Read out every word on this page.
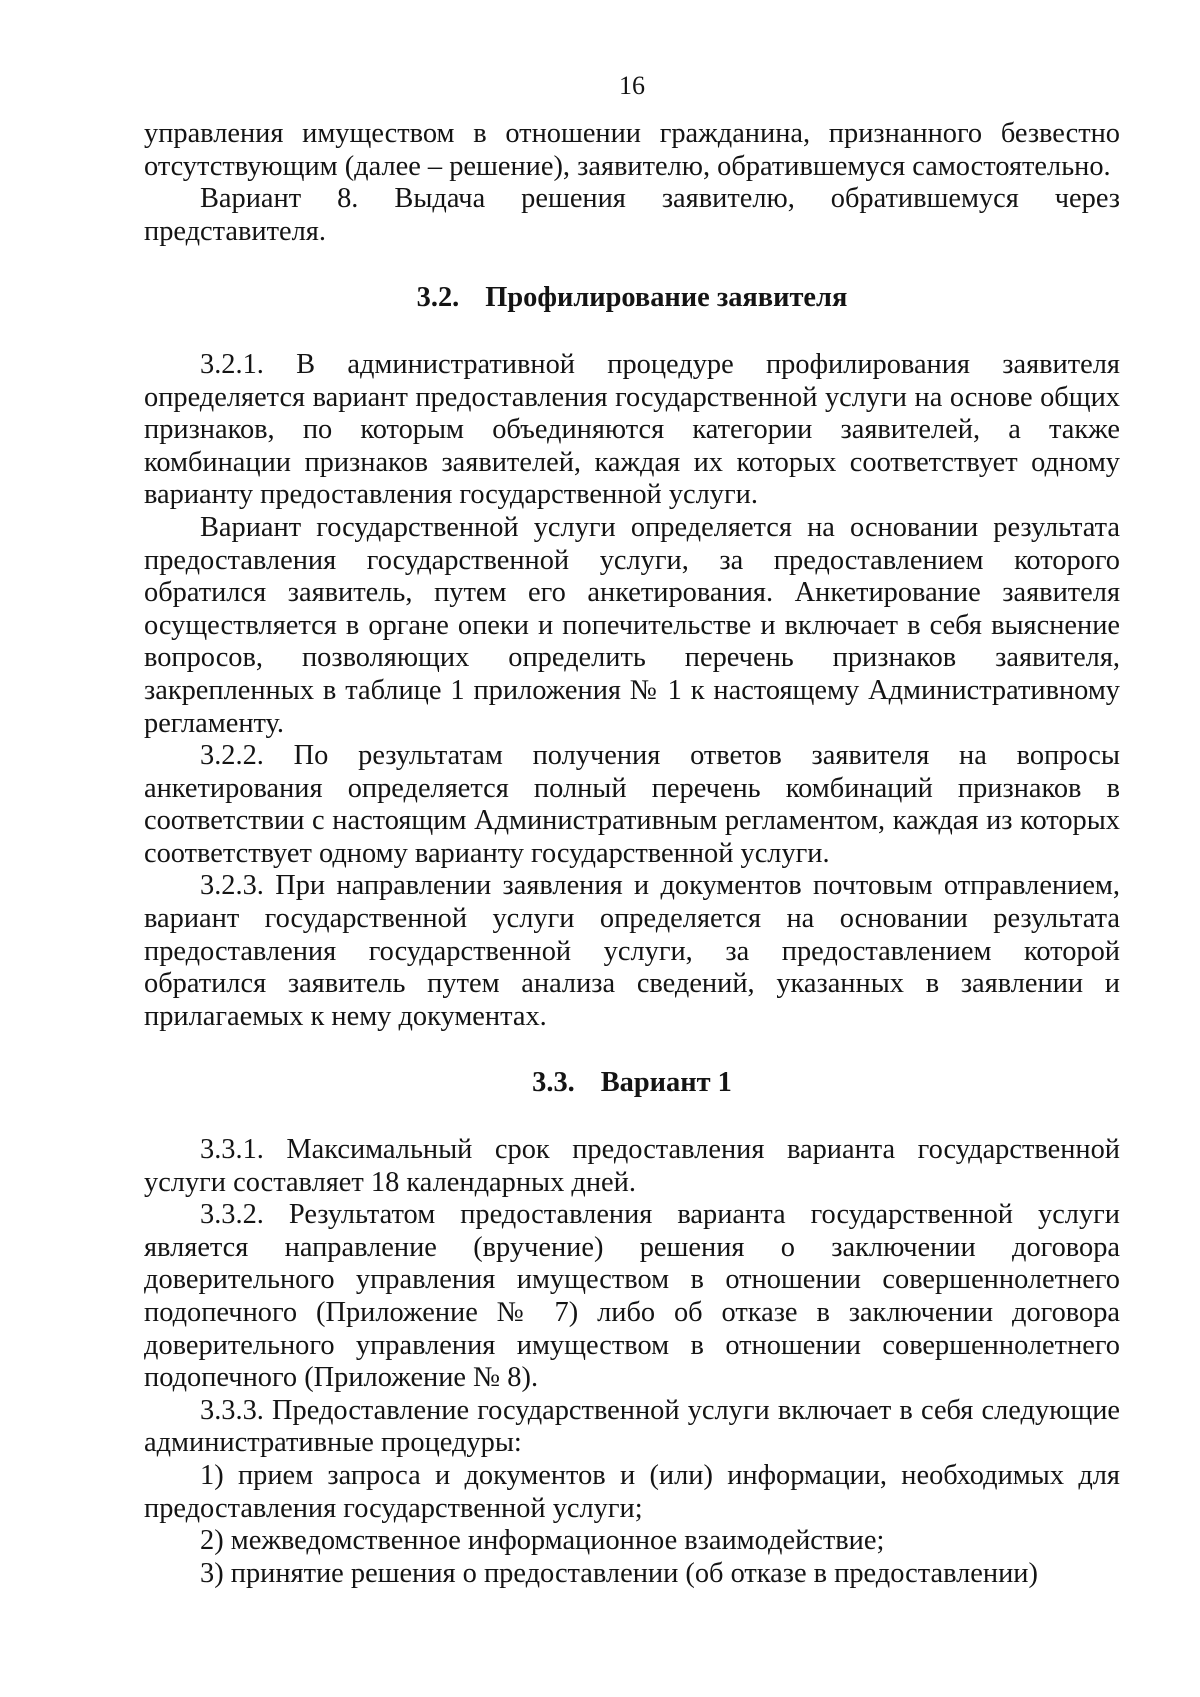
16

управления имуществом в отношении гражданина, признанного безвестно отсутствующим (далее – решение), заявителю, обратившемуся самостоятельно.

Вариант 8. Выдача решения заявителю, обратившемуся через представителя.

3.2. Профилирование заявителя

3.2.1. В административной процедуре профилирования заявителя определяется вариант предоставления государственной услуги на основе общих признаков, по которым объединяются категории заявителей, а также комбинации признаков заявителей, каждая их которых соответствует одному варианту предоставления государственной услуги.

Вариант государственной услуги определяется на основании результата предоставления государственной услуги, за предоставлением которого обратился заявитель, путем его анкетирования. Анкетирование заявителя осуществляется в органе опеки и попечительстве и включает в себя выяснение вопросов, позволяющих определить перечень признаков заявителя, закрепленных в таблице 1 приложения № 1 к настоящему Административному регламенту.

3.2.2. По результатам получения ответов заявителя на вопросы анкетирования определяется полный перечень комбинаций признаков в соответствии с настоящим Административным регламентом, каждая из которых соответствует одному варианту государственной услуги.

3.2.3. При направлении заявления и документов почтовым отправлением, вариант государственной услуги определяется на основании результата предоставления государственной услуги, за предоставлением которой обратился заявитель путем анализа сведений, указанных в заявлении и прилагаемых к нему документах.

3.3. Вариант 1

3.3.1. Максимальный срок предоставления варианта государственной услуги составляет 18 календарных дней.

3.3.2. Результатом предоставления варианта государственной услуги является направление (вручение) решения о заключении договора доверительного управления имуществом в отношении совершеннолетнего подопечного (Приложение № 7) либо об отказе в заключении договора доверительного управления имуществом в отношении совершеннолетнего подопечного (Приложение № 8).

3.3.3. Предоставление государственной услуги включает в себя следующие административные процедуры:

1) прием запроса и документов и (или) информации, необходимых для предоставления государственной услуги;

2) межведомственное информационное взаимодействие;

3) принятие решения о предоставлении (об отказе в предоставлении)
